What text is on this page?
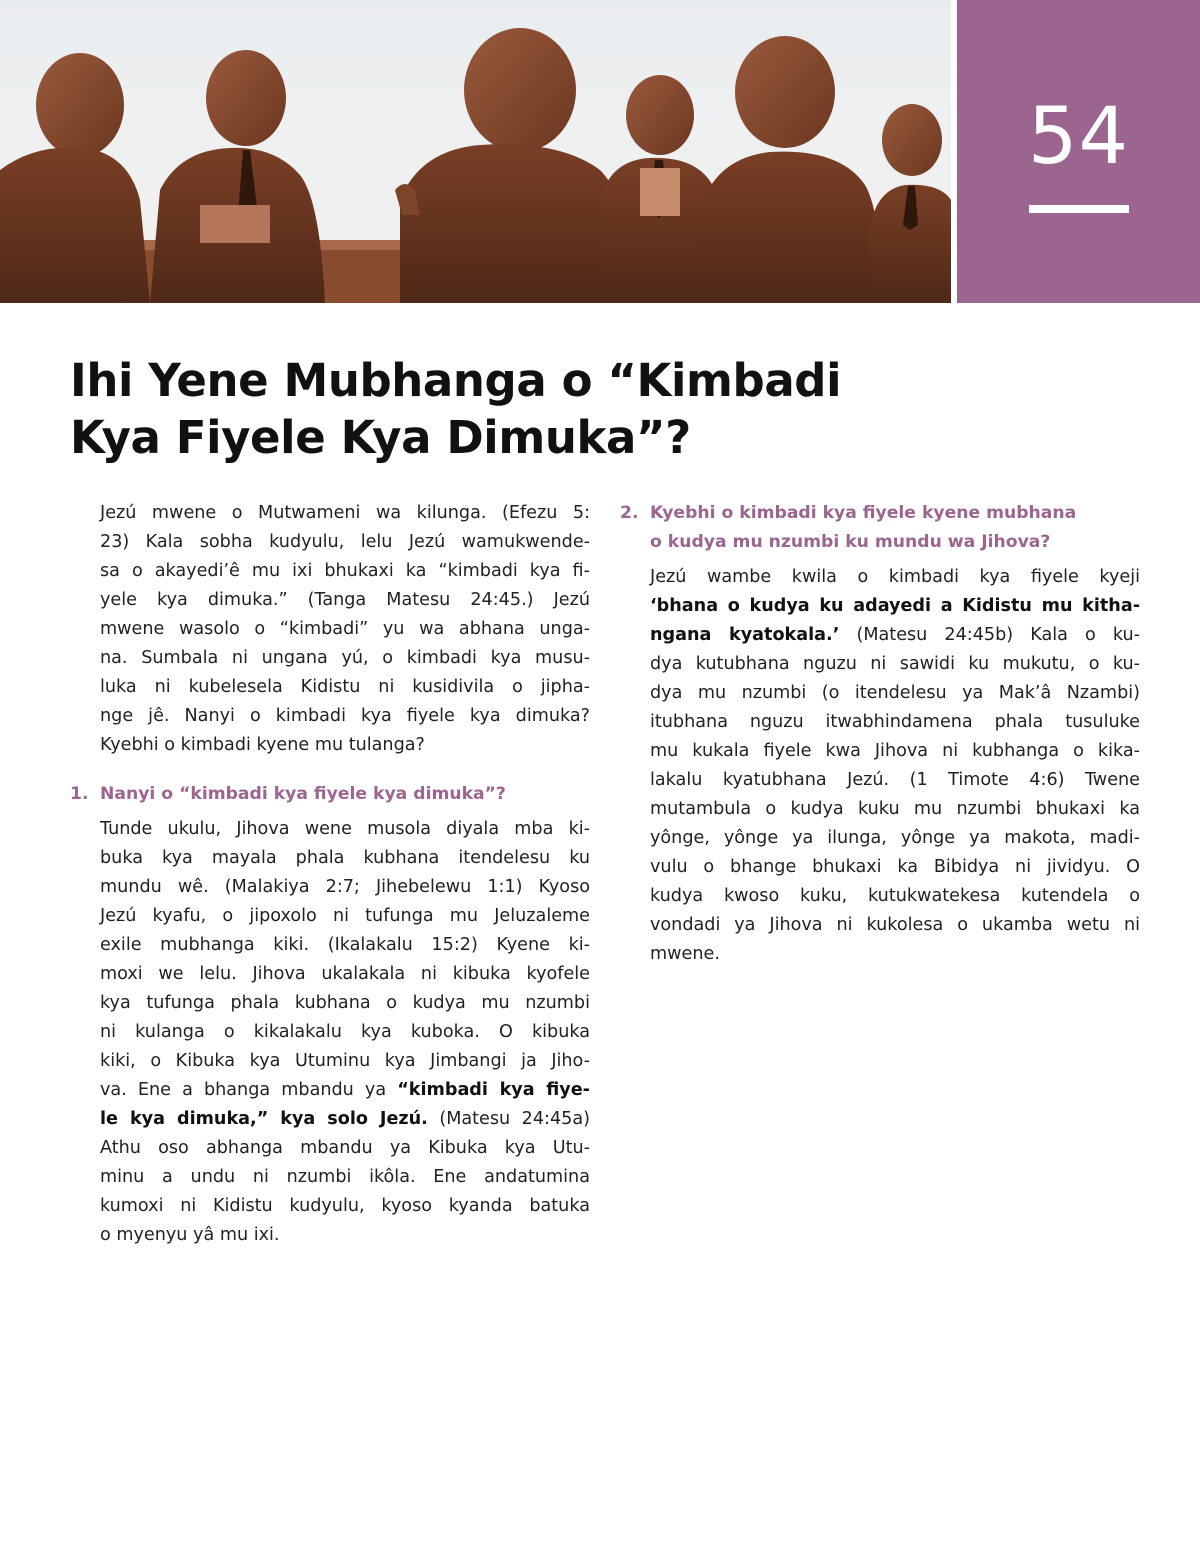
54
Ihi Yene Mubhanga o “Kimbadi
Kya Fiyele Kya Dimuka”?
Jezú mwene o Mutwameni wa kilunga. (Efezu 5:
23) Kala sobha kudyulu, lelu Jezú wamukwende-
sa o akayedi’ê mu ixi bhukaxi ka “kimbadi kya fi-
yele kya dimuka.” (Tanga Matesu 24:45.) Jezú
mwene wasolo o “kimbadi” yu wa abhana unga-
na. Sumbala ni ungana yú, o kimbadi kya musu-
luka ni kubelesela Kidistu ni kusidivila o jipha-
nge jê. Nanyi o kimbadi kya fiyele kya dimuka?
Kyebhi o kimbadi kyene mu tulanga?
1. Nanyi o “kimbadi kya fiyele kya dimuka”?
Tunde ukulu, Jihova wene musola diyala mba ki-
buka kya mayala phala kubhana itendelesu ku
mundu wê. (Malakiya 2:7; Jihebelewu 1:1) Kyoso
Jezú kyafu, o jipoxolo ni tufunga mu Jeluzaleme
exile mubhanga kiki. (Ikalakalu 15:2) Kyene ki-
moxi we lelu. Jihova ukalakala ni kibuka kyofele
kya tufunga phala kubhana o kudya mu nzumbi
ni kulanga o kikalakalu kya kuboka. O kibuka
kiki, o Kibuka kya Utuminu kya Jimbangi ja Jiho-
va. Ene a bhanga mbandu ya “kimbadi kya fiye-
le kya dimuka,” kya solo Jezú. (Matesu 24:45a)
Athu oso abhanga mbandu ya Kibuka kya Utu-
minu a undu ni nzumbi ikôla. Ene andatumina
kumoxi ni Kidistu kudyulu, kyoso kyanda batuka
o myenyu yâ mu ixi.
2. Kyebhi o kimbadi kya fiyele kyene mubhana
o kudya mu nzumbi ku mundu wa Jihova?
Jezú wambe kwila o kimbadi kya fiyele kyeji
‘bhana o kudya ku adayedi a Kidistu mu kitha-
ngana kyatokala.’ (Matesu 24:45b) Kala o ku-
dya kutubhana nguzu ni sawidi ku mukutu, o ku-
dya mu nzumbi (o itendelesu ya Mak’â Nzambi)
itubhana nguzu itwabhindamena phala tusuluke
mu kukala fiyele kwa Jihova ni kubhanga o kika-
lakalu kyatubhana Jezú. (1 Timote 4:6) Twene
mutambula o kudya kuku mu nzumbi bhukaxi ka
yônge, yônge ya ilunga, yônge ya makota, madi-
vulu o bhange bhukaxi ka Bibidya ni jividyu. O
kudya kwoso kuku, kutukwatekesa kutendela o
vondadi ya Jihova ni kukolesa o ukamba wetu ni
mwene.
